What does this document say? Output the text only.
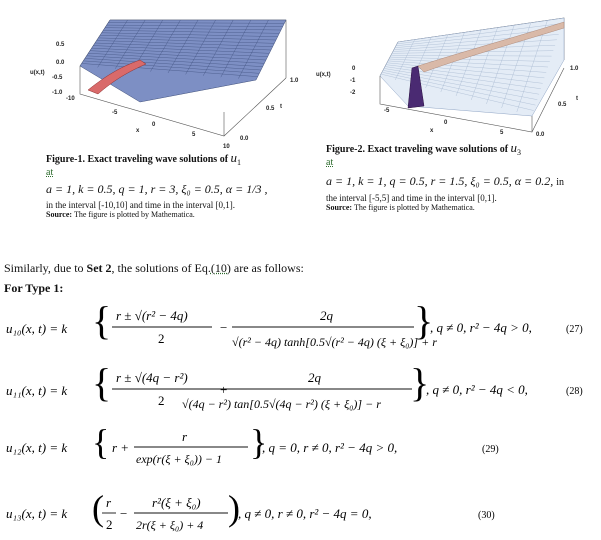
0.5
0.0
-0.5
-1.0
u(x,t)
-10
-5
0
5
10
x
0.0
0.5
1.0
t
0
-1
-2
u(x,t)
-5
0
5
x
0.0
0.5
1.0
t
Figure-1. Exact traveling wave solutions of $u_1$
at
a = 1, k = 0.5, q = 1, r = 3, ξ₀ = 0.5, α = 1/3 ,
in the interval [-10,10] and time in the interval [0,1].
Source: The figure is plotted by Mathematica.
Figure-2. Exact traveling wave solutions of $u_3$
at
a = 1, k = 1, q = 0.5, r = 1.5, ξ₀ = 0.5, α = 0.2, in
the interval [-5,5] and time in the interval [0,1].
Source: The figure is plotted by Mathematica.
Similarly, due to Set 2, the solutions of Eq.(10) are as follows:
For Type 1:
u₁₀(x, t) = k { r ± √(r² − 4q)
2
−
2q
√(r² − 4q) tanh[0.5√(r² − 4q) (ξ + ξ₀)] + r
}
, q ≠ 0, r² − 4q > 0,	(27)
u₁₁(x, t) = k { r ± √(4q − r²)
2
+
2q
√(4q − r²) tan[0.5√(4q − r²) (ξ + ξ₀)] − r }
, q ≠ 0, r² − 4q < 0,	(28)
u₁₂(x, t) = k { r +
r
exp(r(ξ + ξ₀)) − 1 }
, q = 0, r ≠ 0, r² − 4q > 0,	(29)
u₁₃(x, t) = k ( r
2
−
r²(ξ + ξ₀)
2r(ξ + ξ₀) + 4 )
, q ≠ 0, r ≠ 0, r² − 4q = 0,	(30)
